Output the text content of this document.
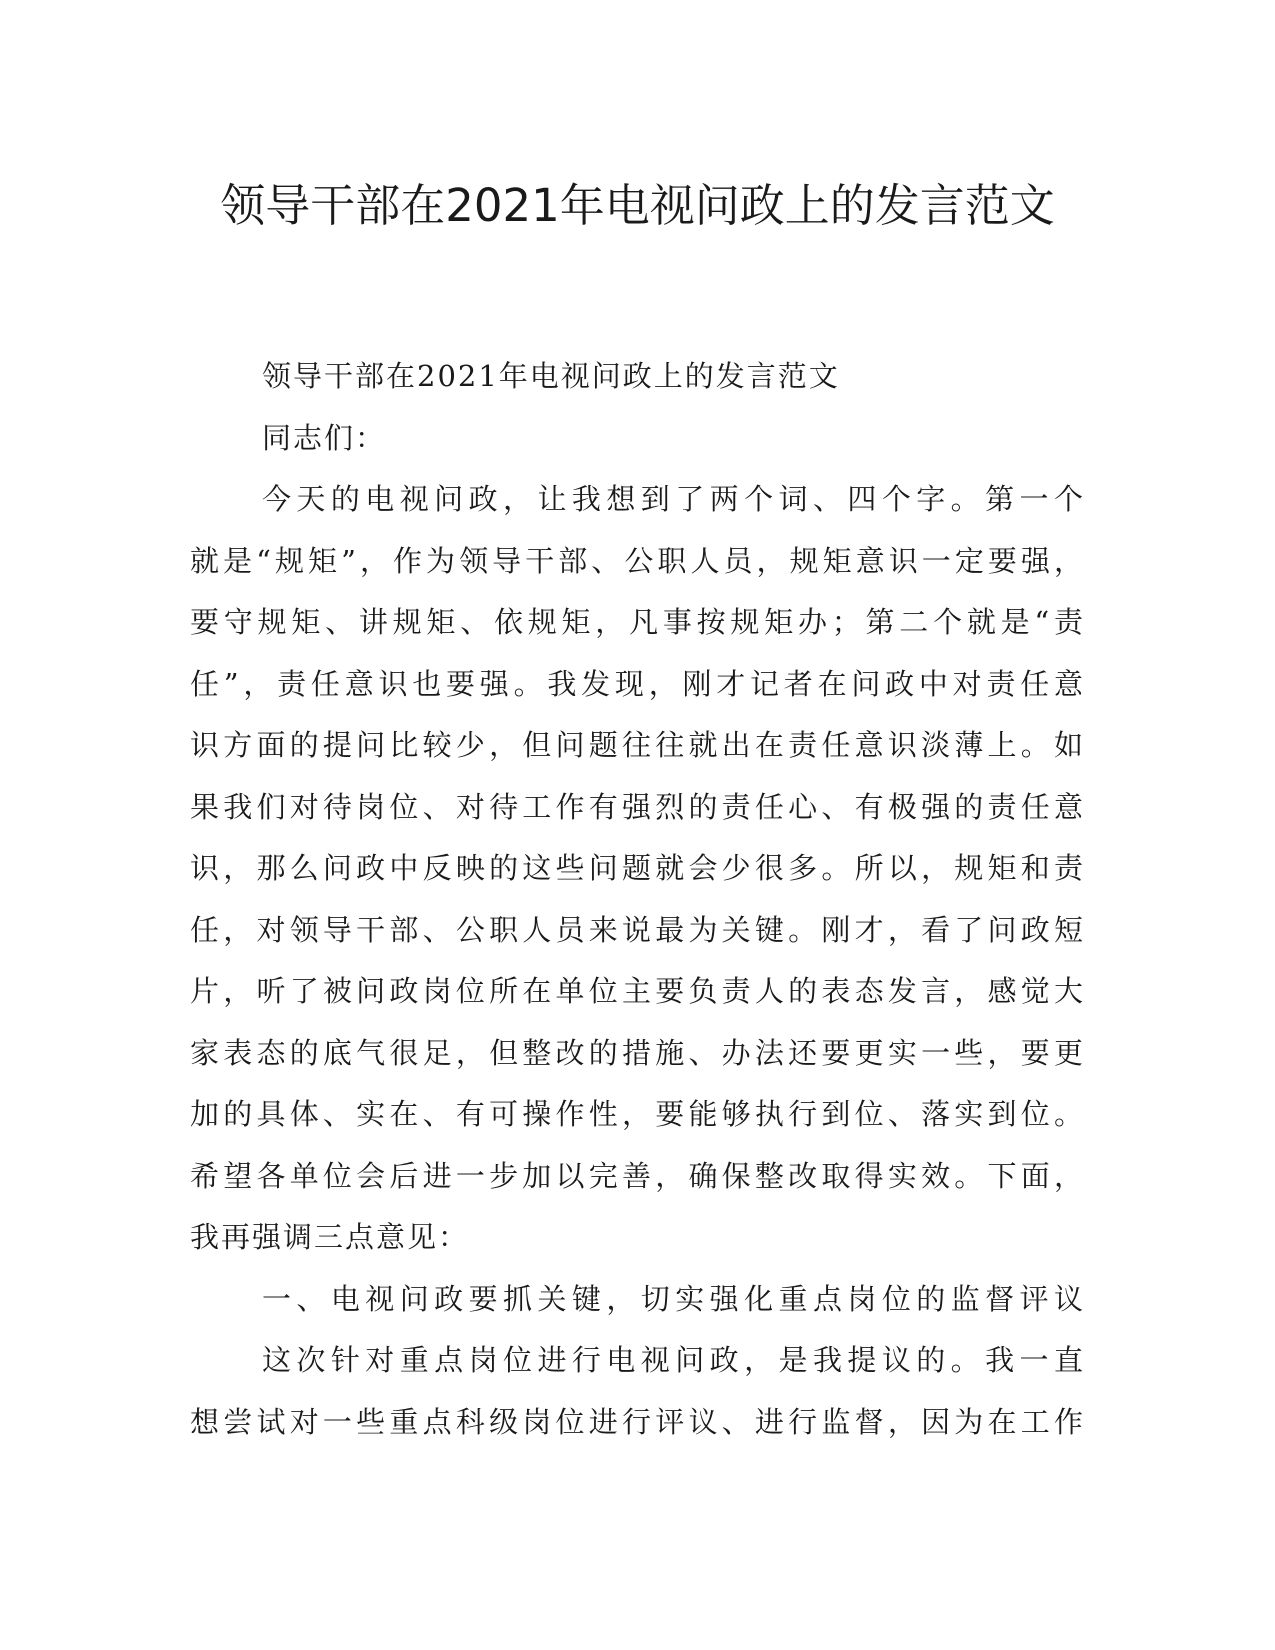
领导干部在2021年电视问政上的发言范文
领导干部在2021年电视问政上的发言范文
同志们：
今天的电视问政，让我想到了两个词、四个字。第一个
就是“规矩”，作为领导干部、公职人员，规矩意识一定要强，
要守规矩、讲规矩、依规矩，凡事按规矩办；第二个就是“责
任”，责任意识也要强。我发现，刚才记者在问政中对责任意
识方面的提问比较少，但问题往往就出在责任意识淡薄上。如
果我们对待岗位、对待工作有强烈的责任心、有极强的责任意
识，那么问政中反映的这些问题就会少很多。所以，规矩和责
任，对领导干部、公职人员来说最为关键。刚才，看了问政短
片，听了被问政岗位所在单位主要负责人的表态发言，感觉大
家表态的底气很足，但整改的措施、办法还要更实一些，要更
加的具体、实在、有可操作性，要能够执行到位、落实到位。
希望各单位会后进一步加以完善，确保整改取得实效。下面，
我再强调三点意见：
一、电视问政要抓关键，切实强化重点岗位的监督评议
这次针对重点岗位进行电视问政，是我提议的。我一直
想尝试对一些重点科级岗位进行评议、进行监督，因为在工作
